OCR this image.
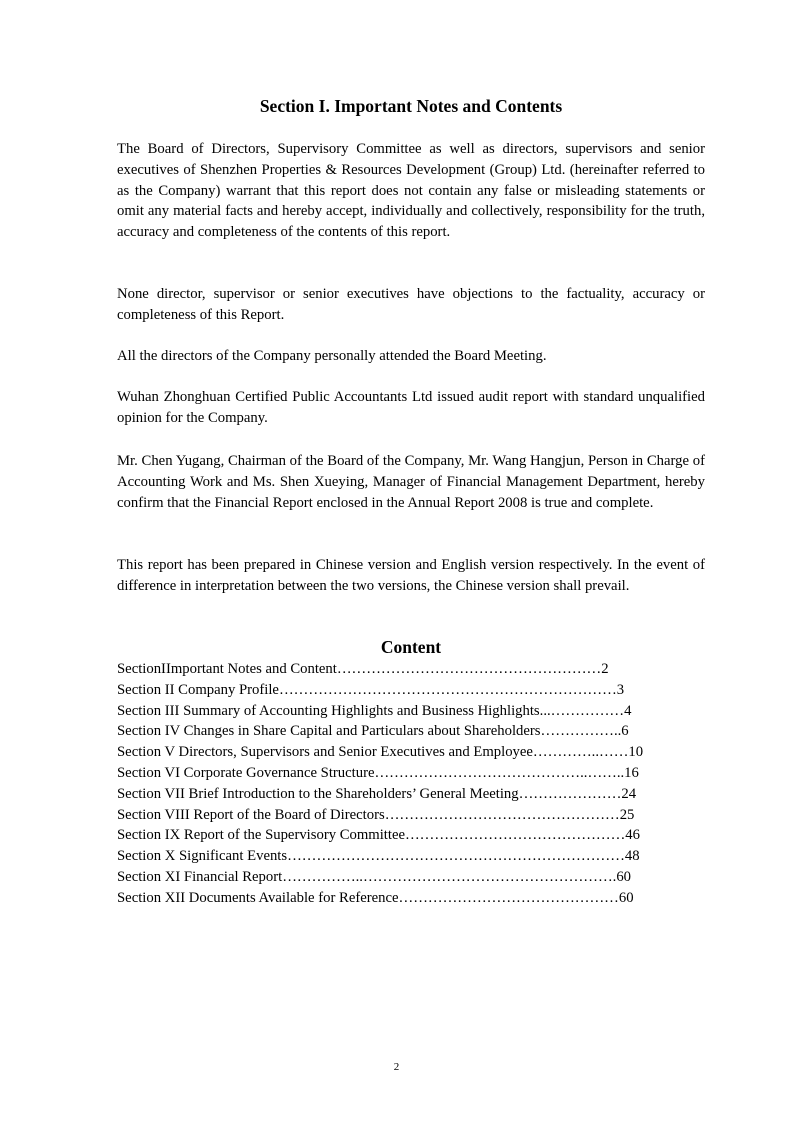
Section I. Important Notes and Contents

The Board of Directors, Supervisory Committee as well as directors, supervisors and senior executives of Shenzhen Properties & Resources Development (Group) Ltd. (hereinafter referred to as the Company) warrant that this report does not contain any false or misleading statements or omit any material facts and hereby accept, individually and collectively, responsibility for the truth, accuracy and completeness of the contents of this report.

None director, supervisor or senior executives have objections to the factuality, accuracy or completeness of this Report.

All the directors of the Company personally attended the Board Meeting.

Wuhan Zhonghuan Certified Public Accountants Ltd issued audit report with standard unqualified opinion for the Company.

Mr. Chen Yugang, Chairman of the Board of the Company, Mr. Wang Hangjun, Person in Charge of Accounting Work and Ms. Shen Xueying, Manager of Financial Management Department, hereby confirm that the Financial Report enclosed in the Annual Report 2008 is true and complete.

This report has been prepared in Chinese version and English version respectively. In the event of difference in interpretation between the two versions, the Chinese version shall prevail.

Content
SectionIImportant Notes and Content………………………………………………2
Section II Company Profile……………………………………………………………3
Section III Summary of Accounting Highlights and Business Highlights...……………4
Section IV Changes in Share Capital and Particulars about Shareholders……………..6
Section V Directors, Supervisors and Senior Executives and Employee…………..……10
Section VI Corporate Governance Structure……………………………………..……..16
Section VII Brief Introduction to the Shareholders’ General Meeting…………………24
Section VIII Report of the Board of Directors…………………………………………25
Section IX Report of the Supervisory Committee………………………………………46
Section X Significant Events……………………………………………………………48
Section XI Financial Report……………..…………………………………………….60
Section XII Documents Available for Reference………………………………………60

2
